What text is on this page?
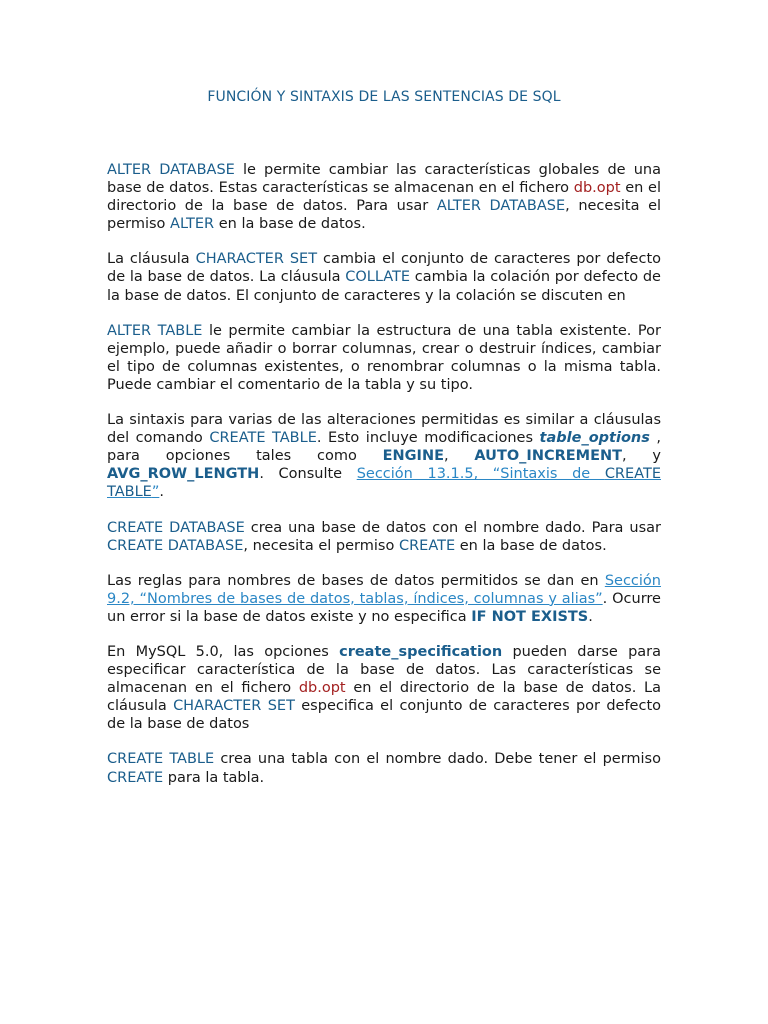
FUNCIÓN Y SINTAXIS DE LAS SENTENCIAS DE SQL

ALTER DATABASE le permite cambiar las características globales de una base de datos. Estas características se almacenan en el fichero db.opt en el directorio de la base de datos. Para usar ALTER DATABASE, necesita el permiso ALTER en la base de datos.

La cláusula CHARACTER SET cambia el conjunto de caracteres por defecto de la base de datos. La cláusula COLLATE cambia la colación por defecto de la base de datos. El conjunto de caracteres y la colación se discuten en

ALTER TABLE le permite cambiar la estructura de una tabla existente. Por ejemplo, puede añadir o borrar columnas, crear o destruir índices, cambiar el tipo de columnas existentes, o renombrar columnas o la misma tabla. Puede cambiar el comentario de la tabla y su tipo.

La sintaxis para varias de las alteraciones permitidas es similar a cláusulas del comando CREATE TABLE. Esto incluye modificaciones table_options , para opciones tales como ENGINE, AUTO_INCREMENT, y AVG_ROW_LENGTH. Consulte Sección 13.1.5, “Sintaxis de CREATE TABLE”.

CREATE DATABASE crea una base de datos con el nombre dado. Para usar CREATE DATABASE, necesita el permiso CREATE en la base de datos.

Las reglas para nombres de bases de datos permitidos se dan en Sección 9.2, “Nombres de bases de datos, tablas, índices, columnas y alias”. Ocurre un error si la base de datos existe y no especifica IF NOT EXISTS.

En MySQL 5.0, las opciones create_specification pueden darse para especificar característica de la base de datos. Las características se almacenan en el fichero db.opt en el directorio de la base de datos. La cláusula CHARACTER SET especifica el conjunto de caracteres por defecto de la base de datos

CREATE TABLE crea una tabla con el nombre dado. Debe tener el permiso CREATE para la tabla.
